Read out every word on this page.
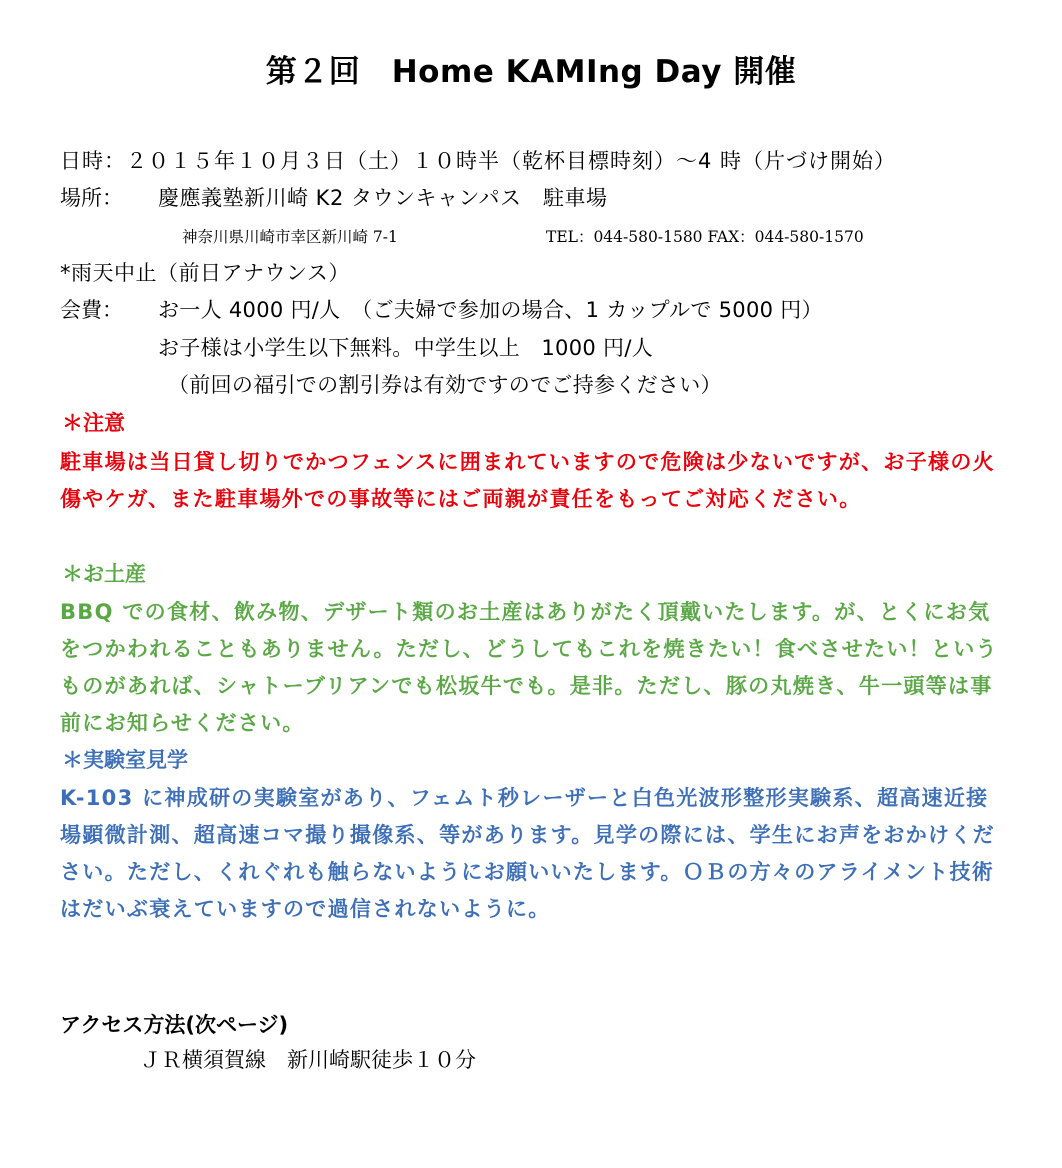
第２回　Home KAMIng Day 開催
日時：２０１５年１０月３日（土）１０時半（乾杯目標時刻）〜4 時（片づけ開始）
場所： 慶應義塾新川崎 K2 タウンキャンパス　駐車場
神奈川県川崎市幸区新川崎 7-1	TEL：044-580-1580 FAX：044-580-1570
*雨天中止（前日アナウンス）
会費： お一人 4000 円/人　（ご夫婦で参加の場合、1 カップルで 5000 円）
お子様は小学生以下無料。中学生以上　1000 円/人
（前回の福引での割引券は有効ですのでご持参ください）
＊注意
駐車場は当日貸し切りでかつフェンスに囲まれていますので危険は少ないですが、お子様の火傷やケガ、また駐車場外での事故等にはご両親が責任をもってご対応ください。
＊お土産
BBQ での食材、飲み物、デザート類のお土産はありがたく頂戴いたします。が、とくにお気をつかわれることもありません。ただし、どうしてもこれを焼きたい！食べさせたい！というものがあれば、シャトーブリアンでも松坂牛でも。是非。ただし、豚の丸焼き、牛一頭等は事前にお知らせください。
＊実験室見学
K-103 に神成研の実験室があり、フェムト秒レーザーと白色光波形整形実験系、超高速近接場顕微計測、超高速コマ撮り撮像系、等があります。見学の際には、学生にお声をおかけください。ただし、くれぐれも触らないようにお願いいたします。ＯＢの方々のアライメント技術はだいぶ衰えていますので過信されないように。
アクセス方法(次ページ)
ＪＲ横須賀線　新川崎駅徒歩１０分
